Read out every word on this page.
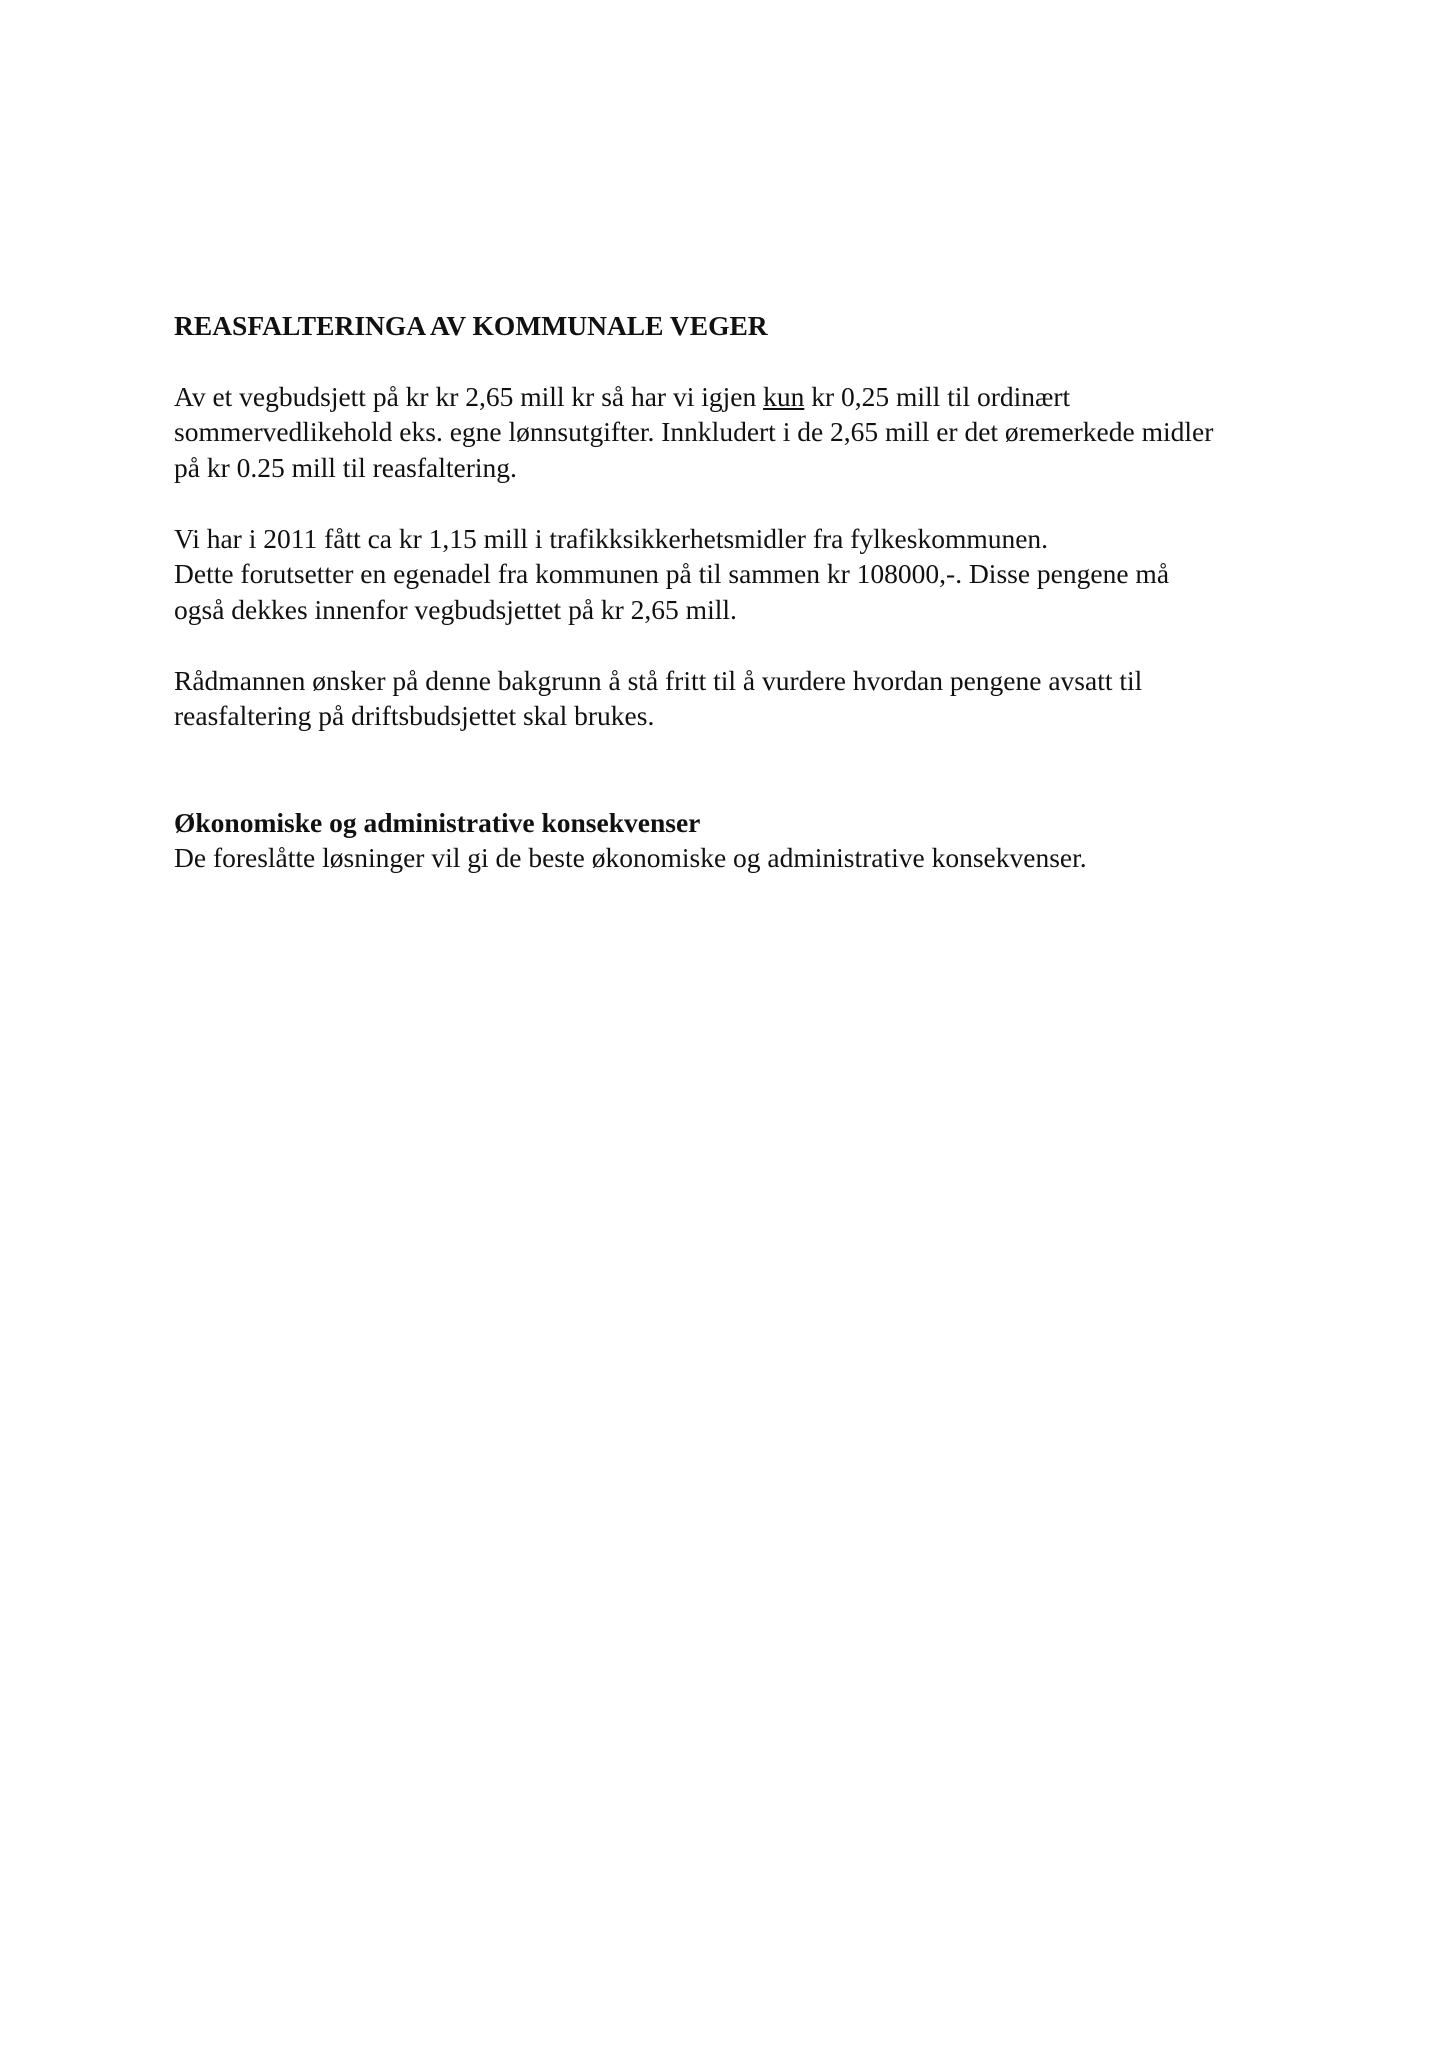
REASFALTERINGA AV KOMMUNALE VEGER
Av et vegbudsjett på kr kr 2,65 mill kr så har vi igjen kun kr 0,25 mill til ordinært
sommervedlikehold eks. egne lønnsutgifter. Innkludert i de 2,65 mill er det øremerkede midler
på kr 0.25 mill til reasfaltering.
Vi har i 2011 fått ca kr 1,15 mill i trafikksikkerhetsmidler fra fylkeskommunen.
Dette forutsetter en egenadel fra kommunen på til sammen kr 108000,-. Disse pengene må
også dekkes innenfor vegbudsjettet på kr 2,65 mill.
Rådmannen ønsker på denne bakgrunn å stå fritt til å vurdere hvordan pengene avsatt til
reasfaltering på driftsbudsjettet skal brukes.
Økonomiske og administrative konsekvenser
De foreslåtte løsninger vil gi de beste økonomiske og administrative konsekvenser.
